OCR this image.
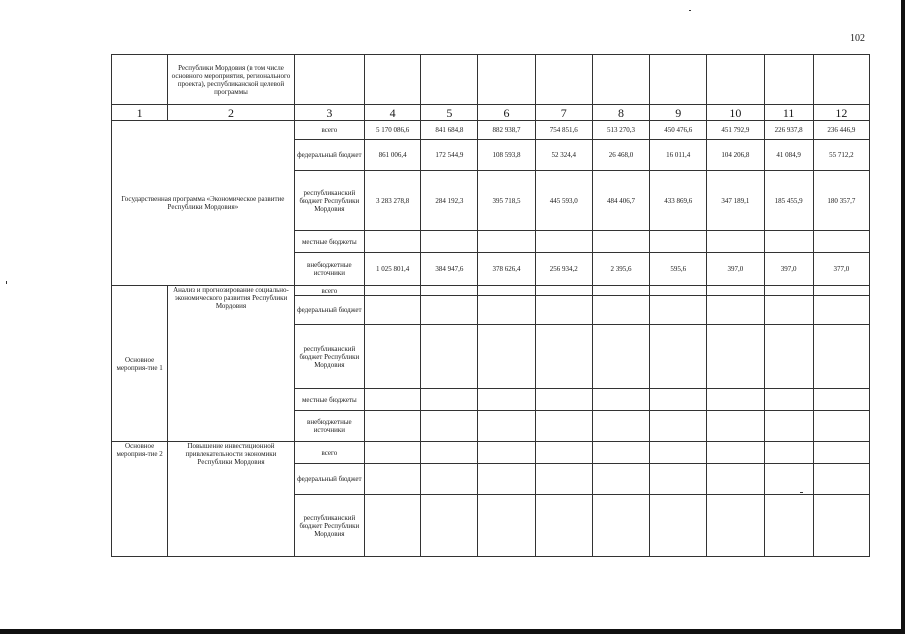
102
	Республики Мордовия (в том числе основного мероприятия, регионального проекта), республиканской целевой программы										
1	2	3	4	5	6	7	8	9	10	11	12
Государственная программа «Экономическое развитие Республики Мордовия»		всего	5 170 086,6	841 684,8	882 938,7	754 851,6	513 270,3	450 476,6	451 792,9	226 937,8	236 446,9
		федеральный бюджет	861 006,4	172 544,9	108 593,8	52 324,4	26 468,0	16 011,4	104 206,8	41 084,9	55 712,2
		республиканский бюджет Республики Мордовия	3 283 278,8	284 192,3	395 718,5	445 593,0	484 406,7	433 869,6	347 189,1	185 455,9	180 357,7
		местные бюджеты									
		внебюджетные источники	1 025 801,4	384 947,6	378 626,4	256 934,2	2 395,6	595,6	397,0	397,0	377,0
Основное мероприя-тие 1	Анализ и прогнозирование социально-экономического развития Республики Мордовия	всего									
		федеральный бюджет									
		республиканский бюджет Республики Мордовия									
		местные бюджеты									
		внебюджетные источники									
Основное мероприя-тие 2	Повышение инвестиционной привлекательности экономики Республики Мордовия	всего									
		федеральный бюджет									
		республиканский бюджет Республики Мордовия									
